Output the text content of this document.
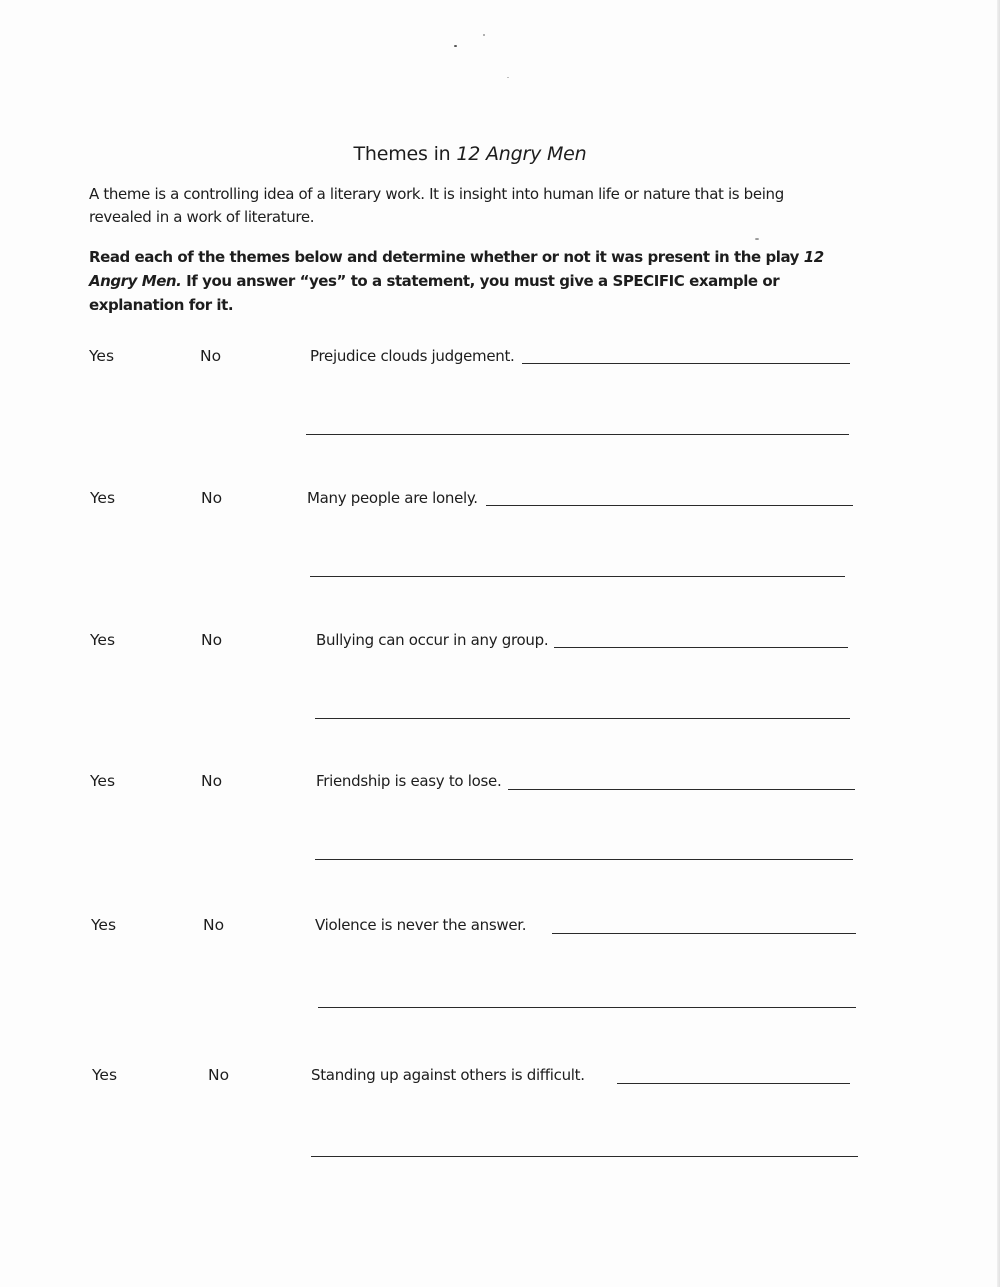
Themes in 12 Angry Men
A theme is a controlling idea of a literary work. It is insight into human life or nature that is being revealed in a work of literature.
Read each of the themes below and determine whether or not it was present in the play 12 Angry Men. If you answer “yes” to a statement, you must give a SPECIFIC example or explanation for it.
Yes	No	Prejudice clouds judgement.
Yes	No	Many people are lonely.
Yes	No	Bullying can occur in any group.
Yes	No	Friendship is easy to lose.
Yes	No	Violence is never the answer.
Yes	No	Standing up against others is difficult.
